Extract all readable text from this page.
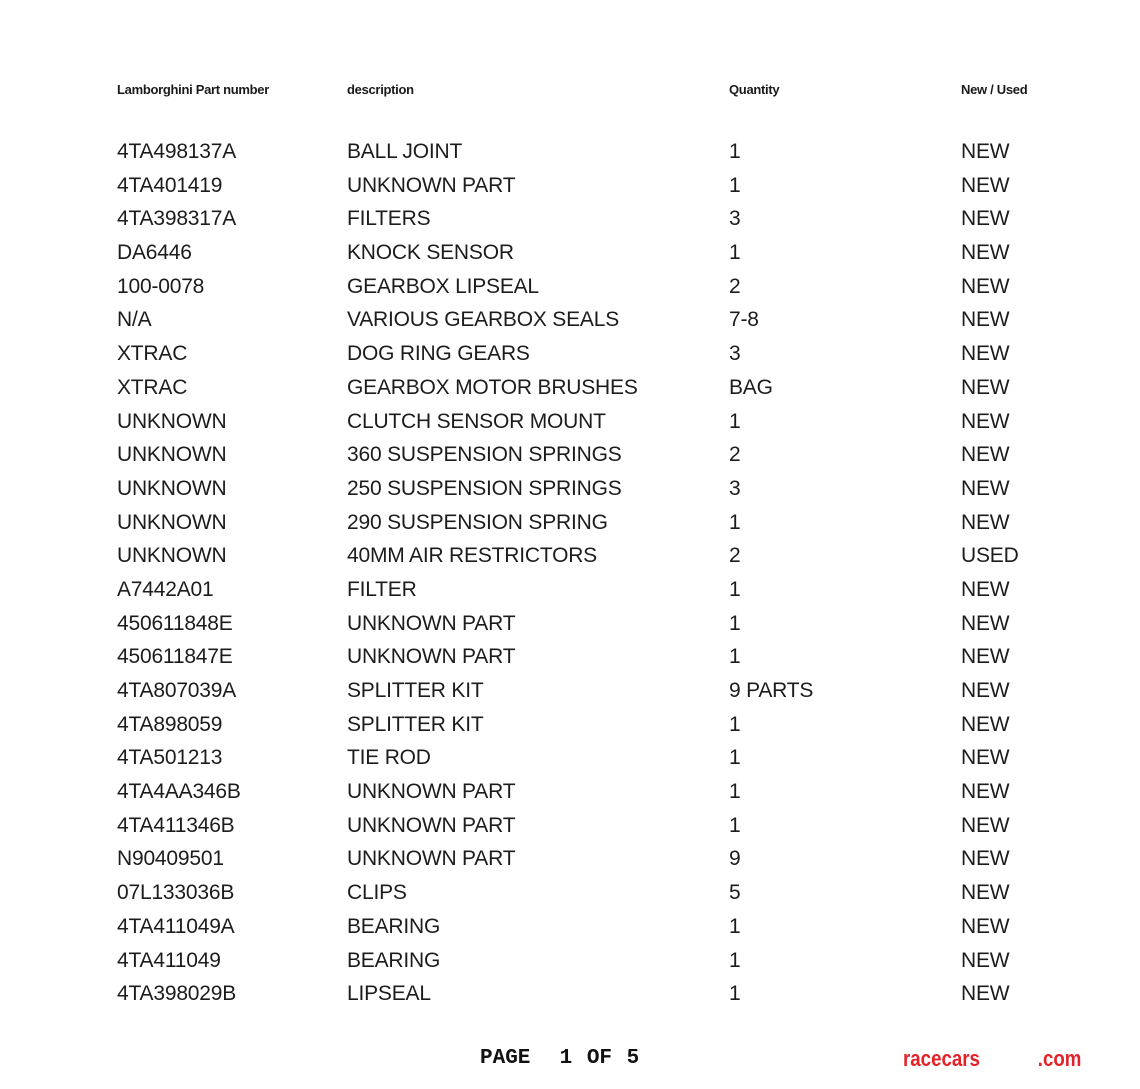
Lamborghini Part number	description	Quantity	New / Used
4TA498137A	BALL JOINT	1	NEW
4TA401419	UNKNOWN PART	1	NEW
4TA398317A	FILTERS	3	NEW
DA6446	KNOCK SENSOR	1	NEW
100-0078	GEARBOX LIPSEAL	2	NEW
N/A	VARIOUS GEARBOX SEALS	7-8	NEW
XTRAC	DOG RING GEARS	3	NEW
XTRAC	GEARBOX MOTOR BRUSHES	BAG	NEW
UNKNOWN	CLUTCH SENSOR MOUNT	1	NEW
UNKNOWN	360 SUSPENSION SPRINGS	2	NEW
UNKNOWN	250 SUSPENSION SPRINGS	3	NEW
UNKNOWN	290 SUSPENSION SPRING	1	NEW
UNKNOWN	40MM AIR RESTRICTORS	2	USED
A7442A01	FILTER	1	NEW
450611848E	UNKNOWN PART	1	NEW
450611847E	UNKNOWN PART	1	NEW
4TA807039A	SPLITTER KIT	9 PARTS	NEW
4TA898059	SPLITTER KIT	1	NEW
4TA501213	TIE ROD	1	NEW
4TA4AA346B	UNKNOWN PART	1	NEW
4TA411346B	UNKNOWN PART	1	NEW
N90409501	UNKNOWN PART	9	NEW
07L133036B	CLIPS	5	NEW
4TA411049A	BEARING	1	NEW
4TA411049	BEARING	1	NEW
4TA398029B	LIPSEAL	1	NEW
PAGE  1 OF 5	racecars	.com
